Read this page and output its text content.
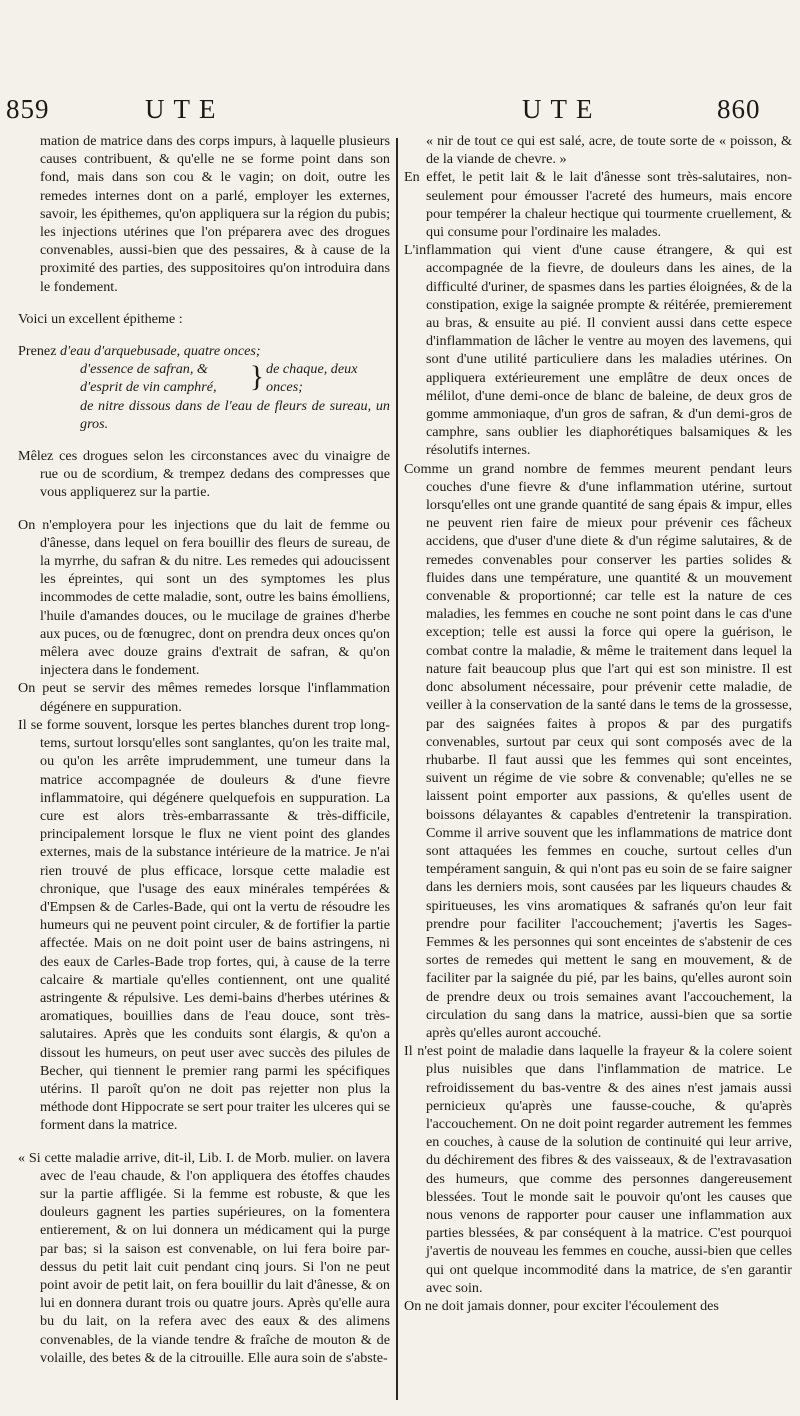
859	UTE	UTE	860

mation de matrice dans des corps impurs, à laquelle plusieurs causes contribuent, & qu'elle ne se forme point dans son fond, mais dans son cou & le vagin; on doit, outre les remedes internes dont on a parlé, employer les externes, savoir, les épithemes, qu'on appliquera sur la région du pubis; les injections utérines que l'on préparera avec des drogues convenables, aussi-bien que des pessaires, & à cause de la proximité des parties, des suppositoires qu'on introduira dans le fondement.

Voici un excellent épitheme :

Prenez d'eau d'arquebusade, quatre onces;

d'essence de safran, &
d'esprit de vin camphré,	} de chaque, deux
onces;

de nitre dissous dans de l'eau de fleurs de sureau, un gros.

Mêlez ces drogues selon les circonstances avec du vinaigre de rue ou de scordium, & trempez dedans des compresses que vous appliquerez sur la partie.

On n'employera pour les injections que du lait de femme ou d'ânesse, dans lequel on fera bouillir des fleurs de sureau, de la myrrhe, du safran & du nitre. Les remedes qui adoucissent les épreintes, qui sont un des symptomes les plus incommodes de cette maladie, sont, outre les bains émolliens, l'huile d'amandes douces, ou le mucilage de graines d'herbe aux puces, ou de fœnugrec, dont on prendra deux onces qu'on mêlera avec douze grains d'extrait de safran, & qu'on injectera dans le fondement.

On peut se servir des mêmes remedes lorsque l'inflammation dégénere en suppuration.

Il se forme souvent, lorsque les pertes blanches durent trop long-tems, surtout lorsqu'elles sont sanglantes, qu'on les traite mal, ou qu'on les arrête imprudemment, une tumeur dans la matrice accompagnée de douleurs & d'une fievre inflammatoire, qui dégénere quelquefois en suppuration. La cure est alors très-embarrassante & très-difficile, principalement lorsque le flux ne vient point des glandes externes, mais de la substance intérieure de la matrice. Je n'ai rien trouvé de plus efficace, lorsque cette maladie est chronique, que l'usage des eaux minérales tempérées & d'Empsen & de Carles-Bade, qui ont la vertu de résoudre les humeurs qui ne peuvent point circuler, & de fortifier la partie affectée. Mais on ne doit point user de bains astringens, ni des eaux de Carles-Bade trop fortes, qui, à cause de la terre calcaire & martiale qu'elles contiennent, ont une qualité astringente & répulsive. Les demi-bains d'herbes utérines & aromatiques, bouillies dans de l'eau douce, sont très-salutaires. Après que les conduits sont élargis, & qu'on a dissout les humeurs, on peut user avec succès des pilules de Becher, qui tiennent le premier rang parmi les spécifiques utérins. Il paroît qu'on ne doit pas rejetter non plus la méthode dont Hippocrate se sert pour traiter les ulceres qui se forment dans la matrice.

« Si cette maladie arrive, dit-il, Lib. I. de Morb. mulier. on lavera avec de l'eau chaude, & l'on appliquera des étoffes chaudes sur la partie affligée. Si la femme est robuste, & que les douleurs gagnent les parties supérieures, on la fomentera entierement, & on lui donnera un médicament qui la purge par bas; si la saison est convenable, on lui fera boire par-dessus du petit lait cuit pendant cinq jours. Si l'on ne peut point avoir de petit lait, on fera bouillir du lait d'ânesse, & on lui en donnera durant trois ou quatre jours. Après qu'elle aura bu du lait, on la refera avec des eaux & des alimens convenables, de la viande tendre & fraîche de mouton & de volaille, des betes & de la citrouille. Elle aura soin de s'abste-

« nir de tout ce qui est salé, acre, de toute sorte de « poisson, & de la viande de chevre. »

En effet, le petit lait & le lait d'ânesse sont très-salutaires, non-seulement pour émousser l'acreté des humeurs, mais encore pour tempérer la chaleur hectique qui tourmente cruellement, & qui consume pour l'ordinaire les malades.

L'inflammation qui vient d'une cause étrangere, & qui est accompagnée de la fievre, de douleurs dans les aines, de la difficulté d'uriner, de spasmes dans les parties éloignées, & de la constipation, exige la saignée prompte & réitérée, premierement au bras, & ensuite au pié. Il convient aussi dans cette espece d'inflammation de lâcher le ventre au moyen des lavemens, qui sont d'une utilité particuliere dans les maladies utérines. On appliquera extérieurement une emplâtre de deux onces de mélilot, d'une demi-once de blanc de baleine, de deux gros de gomme ammoniaque, d'un gros de safran, & d'un demi-gros de camphre, sans oublier les diaphorétiques balsamiques & les résolutifs internes.

Comme un grand nombre de femmes meurent pendant leurs couches d'une fievre & d'une inflammation utérine, surtout lorsqu'elles ont une grande quantité de sang épais & impur, elles ne peuvent rien faire de mieux pour prévenir ces fâcheux accidens, que d'user d'une diete & d'un régime salutaires, & de remedes convenables pour conserver les parties solides & fluides dans une température, une quantité & un mouvement convenable & proportionné; car telle est la nature de ces maladies, les femmes en couche ne sont point dans le cas d'une exception; telle est aussi la force qui opere la guérison, le combat contre la maladie, & même le traitement dans lequel la nature fait beaucoup plus que l'art qui est son ministre. Il est donc absolument nécessaire, pour prévenir cette maladie, de veiller à la conservation de la santé dans le tems de la grossesse, par des saignées faites à propos & par des purgatifs convenables, surtout par ceux qui sont composés avec de la rhubarbe. Il faut aussi que les femmes qui sont enceintes, suivent un régime de vie sobre & convenable; qu'elles ne se laissent point emporter aux passions, & qu'elles usent de boissons délayantes & capables d'entretenir la transpiration. Comme il arrive souvent que les inflammations de matrice dont sont attaquées les femmes en couche, surtout celles d'un tempérament sanguin, & qui n'ont pas eu soin de se faire saigner dans les derniers mois, sont causées par les liqueurs chaudes & spiritueuses, les vins aromatiques & safranés qu'on leur fait prendre pour faciliter l'accouchement; j'avertis les Sages-Femmes & les personnes qui sont enceintes de s'abstenir de ces sortes de remedes qui mettent le sang en mouvement, & de faciliter par la saignée du pié, par les bains, qu'elles auront soin de prendre deux ou trois semaines avant l'accouchement, la circulation du sang dans la matrice, aussi-bien que sa sortie après qu'elles auront accouché.

Il n'est point de maladie dans laquelle la frayeur & la colere soient plus nuisibles que dans l'inflammation de matrice. Le refroidissement du bas-ventre & des aines n'est jamais aussi pernicieux qu'après une fausse-couche, & qu'après l'accouchement. On ne doit point regarder autrement les femmes en couches, à cause de la solution de continuité qui leur arrive, du déchirement des fibres & des vaisseaux, & de l'extravasation des humeurs, que comme des personnes dangereusement blessées. Tout le monde sait le pouvoir qu'ont les causes que nous venons de rapporter pour causer une inflammation aux parties blessées, & par conséquent à la matrice. C'est pourquoi j'avertis de nouveau les femmes en couche, aussi-bien que celles qui ont quelque incommodité dans la matrice, de s'en garantir avec soin.

On ne doit jamais donner, pour exciter l'écoulement des
